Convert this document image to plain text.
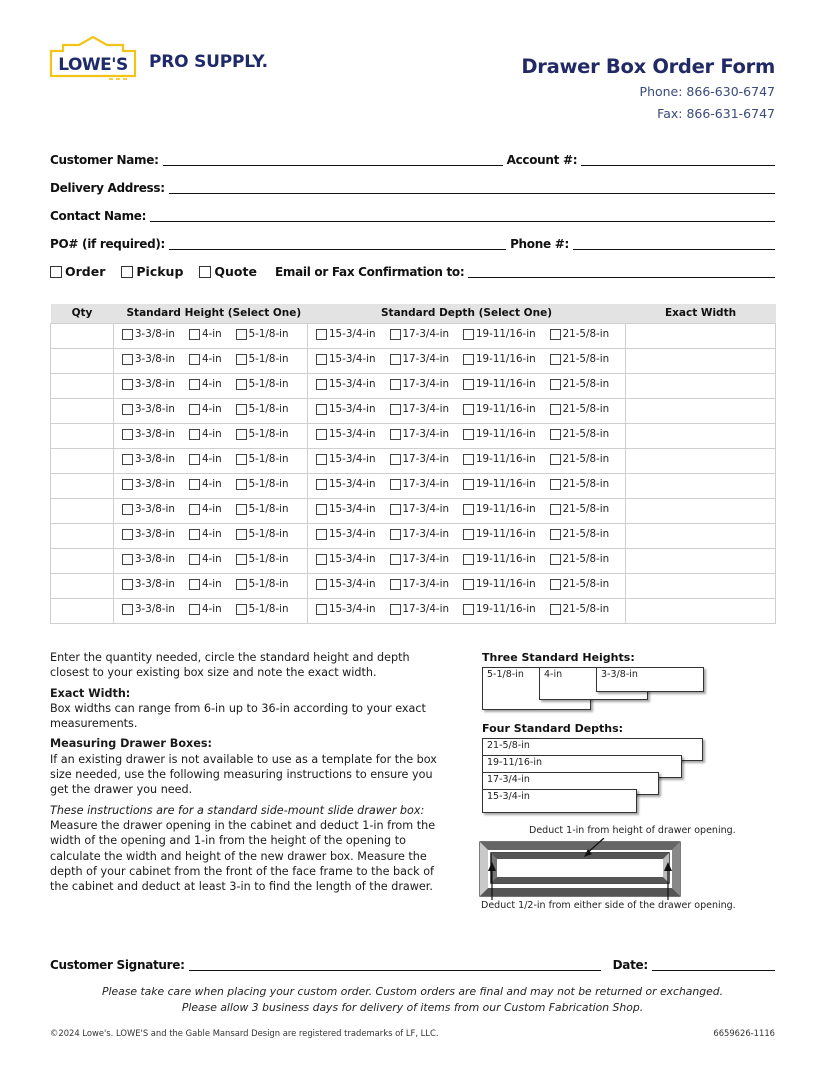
LOWE'S PRO SUPPLY.	Drawer Box Order Form
Phone: 866-630-6747
Fax: 866-631-6747
Customer Name:	Account #:
Delivery Address:
Contact Name:
PO# (if required):	Phone #:
Order Pickup Quote Email or Fax Confirmation to:
Qty	Standard Height (Select One)	Standard Depth (Select One)	Exact Width

	3-3/8-in 4-in 5-1/8-in	15-3/4-in 17-3/4-in 19-11/16-in 21-5/8-in	

	3-3/8-in 4-in 5-1/8-in	15-3/4-in 17-3/4-in 19-11/16-in 21-5/8-in	

	3-3/8-in 4-in 5-1/8-in	15-3/4-in 17-3/4-in 19-11/16-in 21-5/8-in	

	3-3/8-in 4-in 5-1/8-in	15-3/4-in 17-3/4-in 19-11/16-in 21-5/8-in	

	3-3/8-in 4-in 5-1/8-in	15-3/4-in 17-3/4-in 19-11/16-in 21-5/8-in	

	3-3/8-in 4-in 5-1/8-in	15-3/4-in 17-3/4-in 19-11/16-in 21-5/8-in	

	3-3/8-in 4-in 5-1/8-in	15-3/4-in 17-3/4-in 19-11/16-in 21-5/8-in	

	3-3/8-in 4-in 5-1/8-in	15-3/4-in 17-3/4-in 19-11/16-in 21-5/8-in	

	3-3/8-in 4-in 5-1/8-in	15-3/4-in 17-3/4-in 19-11/16-in 21-5/8-in	

	3-3/8-in 4-in 5-1/8-in	15-3/4-in 17-3/4-in 19-11/16-in 21-5/8-in	

	3-3/8-in 4-in 5-1/8-in	15-3/4-in 17-3/4-in 19-11/16-in 21-5/8-in	

	3-3/8-in 4-in 5-1/8-in	15-3/4-in 17-3/4-in 19-11/16-in 21-5/8-in	

Enter the quantity needed, circle the standard height and depth closest to your existing box size and note the exact width.

Exact Width:
Box widths can range from 6-in up to 36-in according to your exact measurements.

Measuring Drawer Boxes:
If an existing drawer is not available to use as a template for the box size needed, use the following measuring instructions to ensure you get the drawer you need.

These instructions are for a standard side-mount slide drawer box:
Measure the drawer opening in the cabinet and deduct 1-in from the width of the opening and 1-in from the height of the opening to calculate the width and height of the new drawer box. Measure the depth of your cabinet from the front of the face frame to the back of the cabinet and deduct at least 3-in to find the length of the drawer.

Three Standard Heights:
5-1/8-in	4-in	3-3/8-in
Four Standard Depths:
21-5/8-in
19-11/16-in
17-3/4-in
15-3/4-in
Deduct 1-in from height of drawer opening.
Deduct 1/2-in from either side of the drawer opening.
Customer Signature:	Date:
Please take care when placing your custom order. Custom orders are final and may not be returned or exchanged. Please allow 3 business days for delivery of items from our Custom Fabrication Shop.
©2024 Lowe's. LOWE'S and the Gable Mansard Design are registered trademarks of LF, LLC.	6659626-1116
